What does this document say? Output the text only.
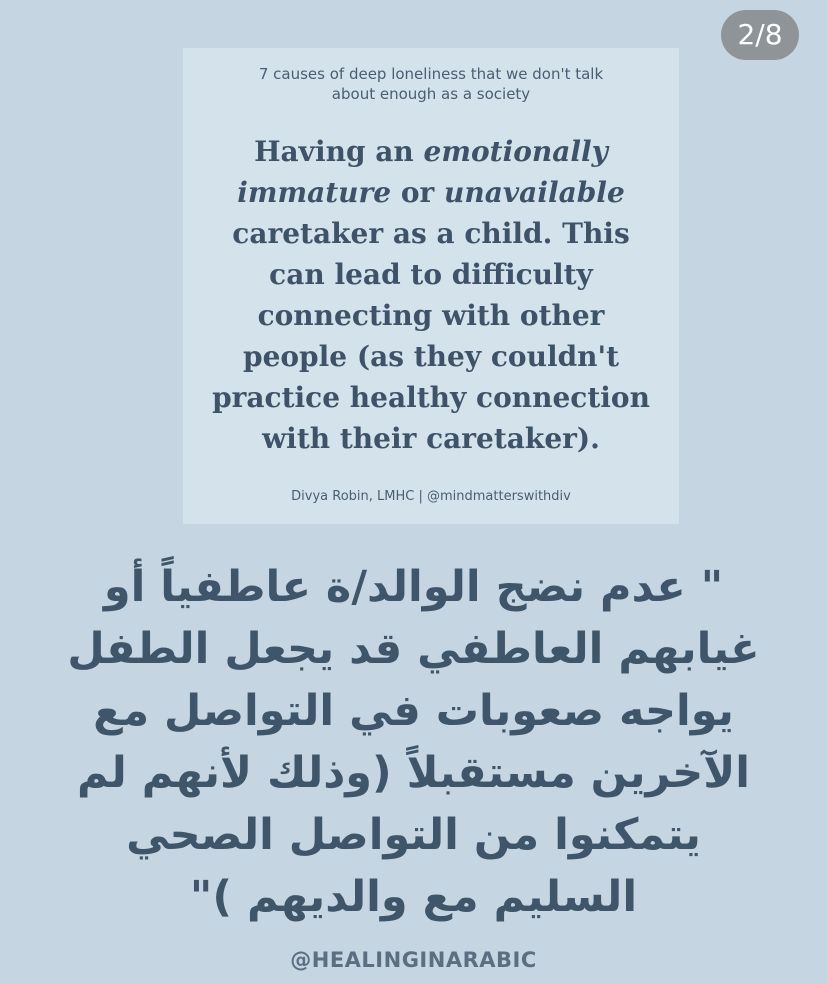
2/8
7 causes of deep loneliness that we don't talk
about enough as a society
Having an emotionally
immature or unavailable
caretaker as a child. This
can lead to difficulty
connecting with other
people (as they couldn't
practice healthy connection
with their caretaker).
Divya Robin, LMHC | @mindmatterswithdiv
" عدم نضج الوالد/ة عاطفياً أو
غيابهم العاطفي قد يجعل الطفل
يواجه صعوبات في التواصل مع
الآخرين مستقبلاً (وذلك لأنهم لم
يتمكنوا من التواصل الصحي
السليم مع والديهم )"
@HEALINGINARABIC
